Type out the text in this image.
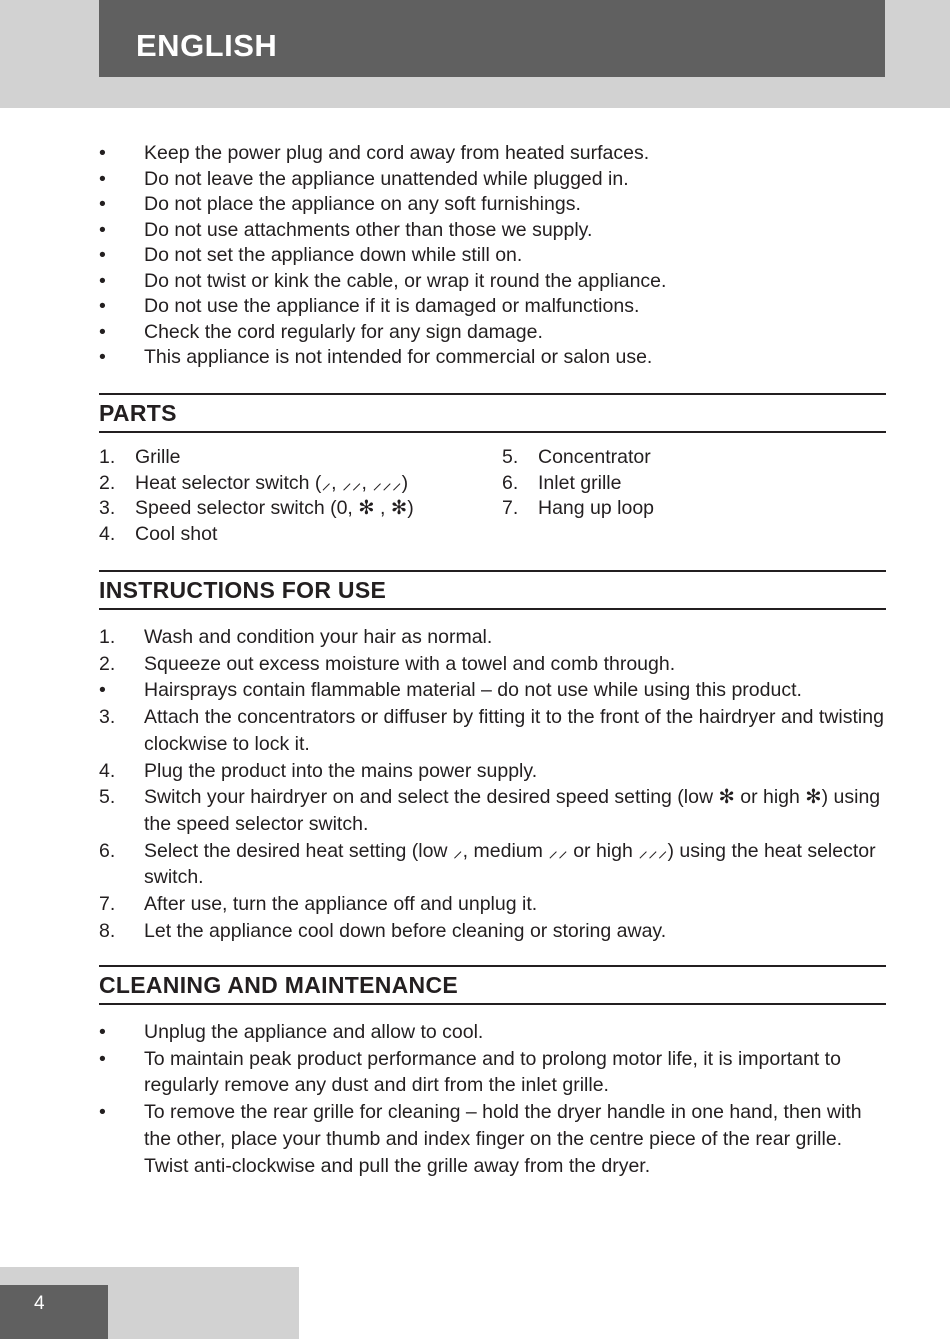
ENGLISH
•	Keep the power plug and cord away from heated surfaces.
•	Do not leave the appliance unattended while plugged in.
•	Do not place the appliance on any soft furnishings.
•	Do not use attachments other than those we supply.
•	Do not set the appliance down while still on.
•	Do not twist or kink the cable, or wrap it round the appliance.
•	Do not use the appliance if it is damaged or malfunctions.
•	Check the cord regularly for any sign damage.
•	This appliance is not intended for commercial or salon use.
PARTS
1. Grille
2. Heat selector switch (⸝, ⸝⸝, ⸝⸝⸝)
3. Speed selector switch (0, ✻ , ✻)
4. Cool shot
5. Concentrator
6. Inlet grille
7. Hang up loop
INSTRUCTIONS FOR USE
1.	Wash and condition your hair as normal.
2.	Squeeze out excess moisture with a towel and comb through.
•	Hairsprays contain flammable material – do not use while using this product.
3.	Attach the concentrators or diffuser by fitting it to the front of the hairdryer and twisting clockwise to lock it.
4.	Plug the product into the mains power supply.
5.	Switch your hairdryer on and select the desired speed setting (low ✻ or high ✻) using the speed selector switch.
6.	Select the desired heat setting (low ⸝, medium ⸝⸝ or high ⸝⸝⸝) using the heat selector switch.
7.	After use, turn the appliance off and unplug it.
8.	Let the appliance cool down before cleaning or storing away.
CLEANING AND MAINTENANCE
•	Unplug the appliance and allow to cool.
•	To maintain peak product performance and to prolong motor life, it is important to regularly remove any dust and dirt from the inlet grille.
•	To remove the rear grille for cleaning – hold the dryer handle in one hand, then with the other, place your thumb and index finger on the centre piece of the rear grille. Twist anti-clockwise and pull the grille away from the dryer.
4
